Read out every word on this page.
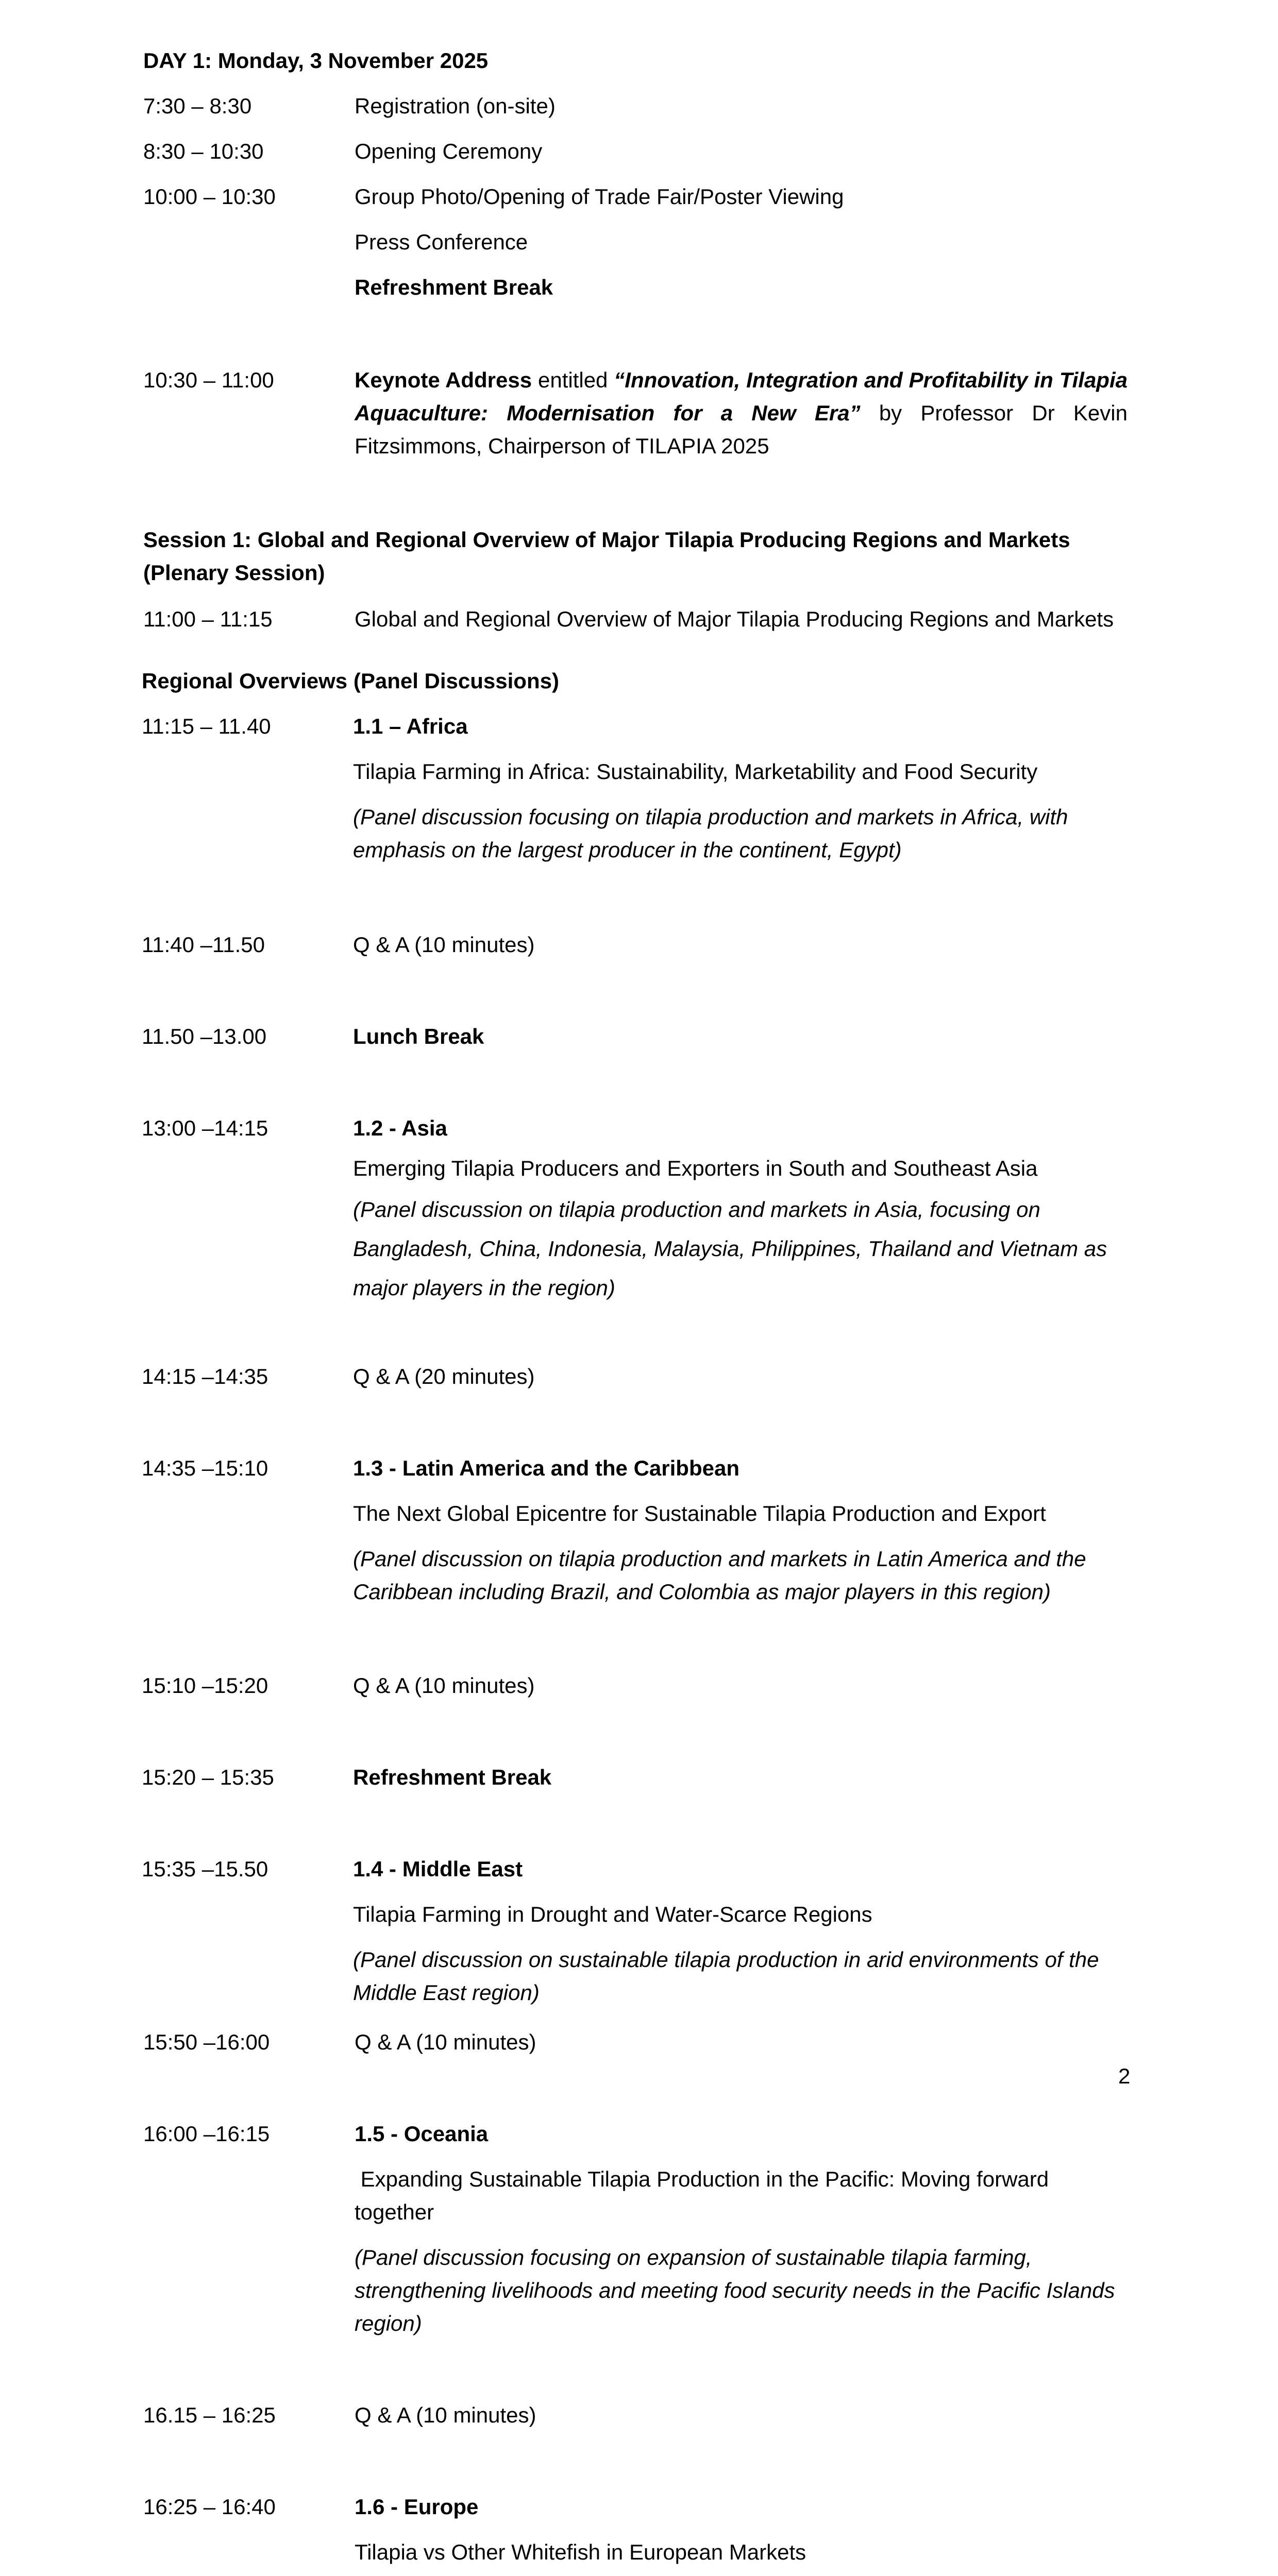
DAY 1: Monday, 3 November 2025
7:30 – 8:30	Registration (on-site)
8:30 – 10:30	Opening Ceremony
10:00 – 10:30	Group Photo/Opening of Trade Fair/Poster Viewing
Press Conference
Refreshment Break
10:30 – 11:00	Keynote Address entitled “Innovation, Integration and Profitability in Tilapia Aquaculture: Modernisation for a New Era” by Professor Dr Kevin Fitzsimmons, Chairperson of TILAPIA 2025
Session 1: Global and Regional Overview of Major Tilapia Producing Regions and Markets (Plenary Session)
11:00 – 11:15	Global and Regional Overview of Major Tilapia Producing Regions and Markets
Regional Overviews (Panel Discussions)
11:15 – 11.40	1.1 – Africa
Tilapia Farming in Africa: Sustainability, Marketability and Food Security
(Panel discussion focusing on tilapia production and markets in Africa, with emphasis on the largest producer in the continent, Egypt)
11:40 –11.50	Q & A (10 minutes)
11.50 –13.00	Lunch Break
13:00 –14:15	1.2 - Asia
Emerging Tilapia Producers and Exporters in South and Southeast Asia
(Panel discussion on tilapia production and markets in Asia, focusing on Bangladesh, China, Indonesia, Malaysia, Philippines, Thailand and Vietnam as major players in the region)
14:15 –14:35	Q & A (20 minutes)
14:35 –15:10	1.3 - Latin America and the Caribbean
The Next Global Epicentre for Sustainable Tilapia Production and Export
(Panel discussion on tilapia production and markets in Latin America and the Caribbean including Brazil, and Colombia as major players in this region)
15:10 –15:20	Q & A (10 minutes)
15:20 – 15:35	Refreshment Break
15:35 –15.50	1.4 - Middle East
Tilapia Farming in Drought and Water-Scarce Regions
(Panel discussion on sustainable tilapia production in arid environments of the Middle East region)
15:50 –16:00	Q & A (10 minutes)
2
16:00 –16:15	1.5 - Oceania
Expanding Sustainable Tilapia Production in the Pacific: Moving forward together
(Panel discussion focusing on expansion of sustainable tilapia farming, strengthening livelihoods and meeting food security needs in the Pacific Islands region)
16.15 – 16:25	Q & A (10 minutes)
16:25 – 16:40	1.6 - Europe
Tilapia vs Other Whitefish in European Markets
